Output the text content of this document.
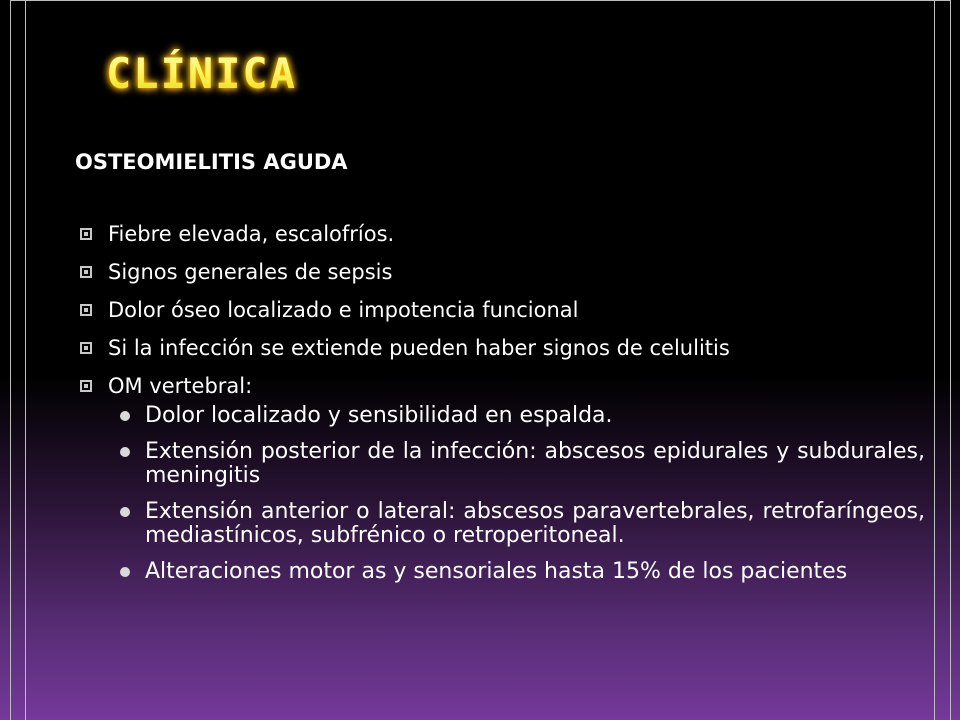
CLÍNICA

OSTEOMIELITIS AGUDA

Fiebre elevada, escalofríos.
Signos generales de sepsis
Dolor óseo localizado e impotencia funcional
Si la infección se extiende pueden haber signos de celulitis
OM vertebral:
Dolor localizado y sensibilidad en espalda.
Extensión posterior de la infección: abscesos epidurales y subdurales, meningitis
Extensión anterior o lateral: abscesos paravertebrales, retrofaríngeos, mediastínicos, subfrénico o retroperitoneal.
Alteraciones motor as y sensoriales hasta 15% de los pacientes
